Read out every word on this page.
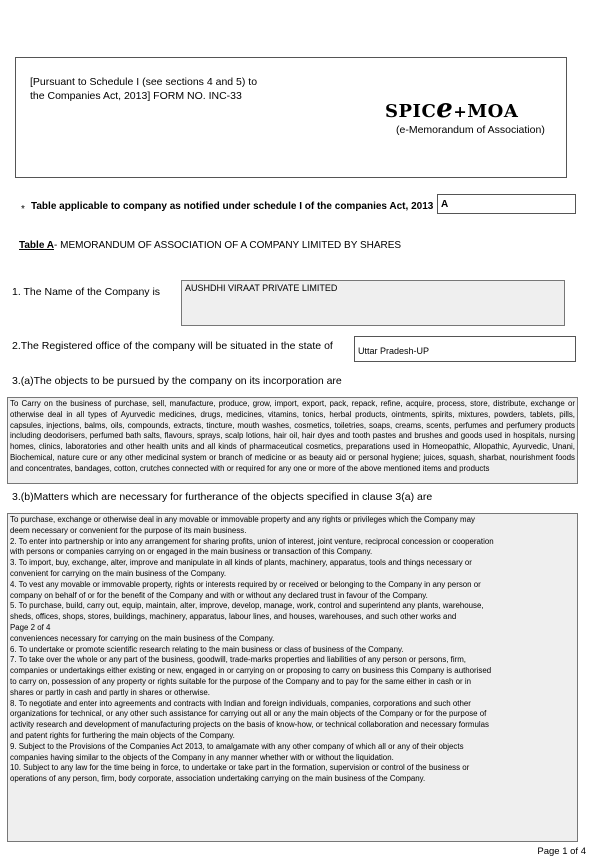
[Pursuant to Schedule I (see sections 4 and 5) to
the Companies Act, 2013] FORM NO. INC-33
SPICe+MOA
(e-Memorandum of Association)
* Table applicable to company as notified under schedule I of the companies Act, 2013 A
Table A- MEMORANDUM OF ASSOCIATION OF A COMPANY LIMITED BY SHARES
1. The Name of the Company is	AUSHDHI VIRAAT PRIVATE LIMITED
2.The Registered office of the company will be situated in the state of	Uttar Pradesh-UP
3.(a)The objects to be pursued by the company on its incorporation are
To Carry on the business of purchase, sell, manufacture, produce, grow, import, export, pack, repack, refine, acquire, process, store, distribute, exchange or otherwise deal in all types of Ayurvedic medicines, drugs, medicines, vitamins, tonics, herbal products, ointments, spirits, mixtures, powders, tablets, pills, capsules, injections, balms, oils, compounds, extracts, tincture, mouth washes, cosmetics, toiletries, soaps, creams, scents, perfumes and perfumery products including deodorisers, perfumed bath salts, flavours, sprays, scalp lotions, hair oil, hair dyes and tooth pastes and brushes and goods used in hospitals, nursing homes, clinics, laboratories and other health units and all kinds of pharmaceutical cosmetics, preparations used in Homeopathic, Allopathic, Ayurvedic, Unani, Biochemical, nature cure or any other medicinal system or branch of medicine or as beauty aid or personal hygiene; juices, squash, sharbat, nourishment foods and concentrates, bandages, cotton, crutches connected with or required for any one or more of the above mentioned items and products
3.(b)Matters which are necessary for furtherance of the objects specified in clause 3(a) are

To purchase, exchange or otherwise deal in any movable or immovable property and any rights or privileges which the Company may

deem necessary or convenient for the purpose of its main business.

2. To enter into partnership or into any arrangement for sharing profits, union of interest, joint venture, reciprocal concession or cooperation

with persons or companies carrying on or engaged in the main business or transaction of this Company.

3. To import, buy, exchange, alter, improve and manipulate in all kinds of plants, machinery, apparatus, tools and things necessary or

convenient for carrying on the main business of the Company.

4. To vest any movable or immovable property, rights or interests required by or received or belonging to the Company in any person or

company on behalf of or for the benefit of the Company and with or without any declared trust in favour of the Company.

5. To purchase, build, carry out, equip, maintain, alter, improve, develop, manage, work, control and superintend any plants, warehouse,

sheds, offices, shops, stores, buildings, machinery, apparatus, labour lines, and houses, warehouses, and such other works and

Page 2 of 4

conveniences necessary for carrying on the main business of the Company.

6. To undertake or promote scientific research relating to the main business or class of business of the Company.

7. To take over the whole or any part of the business, goodwill, trade-marks properties and liabilities of any person or persons, firm,

companies or undertakings either existing or new, engaged in or carrying on or proposing to carry on business this Company is authorised

to carry on, possession of any property or rights suitable for the purpose of the Company and to pay for the same either in cash or in

shares or partly in cash and partly in shares or otherwise.

8. To negotiate and enter into agreements and contracts with Indian and foreign individuals, companies, corporations and such other

organizations for technical, or any other such assistance for carrying out all or any the main objects of the Company or for the purpose of

activity research and development of manufacturing projects on the basis of know-how, or technical collaboration and necessary formulas

and patent rights for furthering the main objects of the Company.

9. Subject to the Provisions of the Companies Act 2013, to amalgamate with any other company of which all or any of their objects

companies having similar to the objects of the Company in any manner whether with or without the liquidation.

10. Subject to any law for the time being in force, to undertake or take part in the formation, supervision or control of the business or

operations of any person, firm, body corporate, association undertaking carrying on the main business of the Company.

Page 1 of 4
